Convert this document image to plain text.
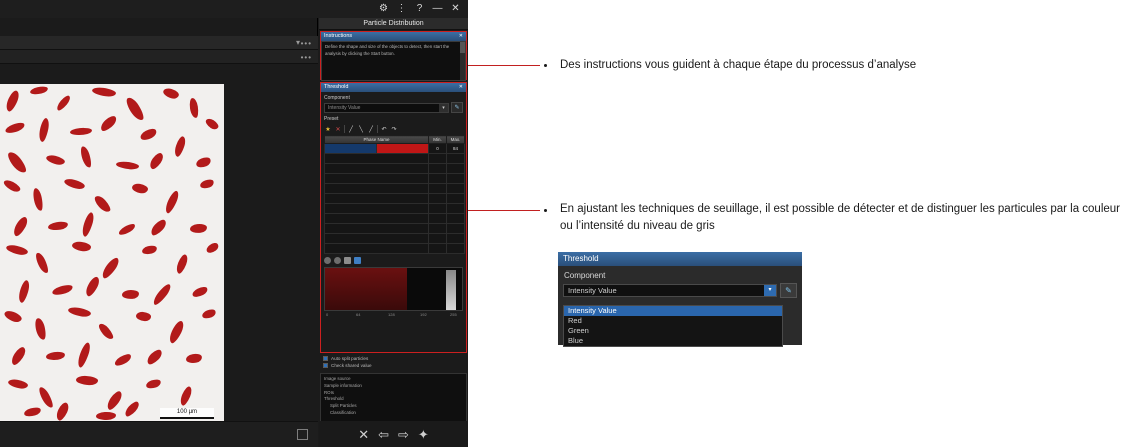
⚙ ⋮	?	— ✕
▾ •••
•••
100 µm
Particle Distribution
Instructions	✕
Define the shape and size of the objects to detect, then start the analysis by clicking the Start button.
Threshold	✕
Component
Intensity Value	▾	✎
Preset
★ ✕	╱	╲	╱	↶ ↷
Phase Name		Min.	Max.
		0	84

0	64	128	192	255
Auto split particles
Check shared value
Image source
Sample information
ROIs
Threshold
Split Particles
Classification
✕ ⇦ ⇨ ✦
Des instructions vous guident à chaque étape du processus d’analyse
En ajustant les techniques de seuillage, il est possible de détecter et de distinguer les particules par la couleur ou l’intensité du niveau de gris
Threshold
Component
Intensity Value	▾	✎
Intensity Value
Red
Green
Blue
